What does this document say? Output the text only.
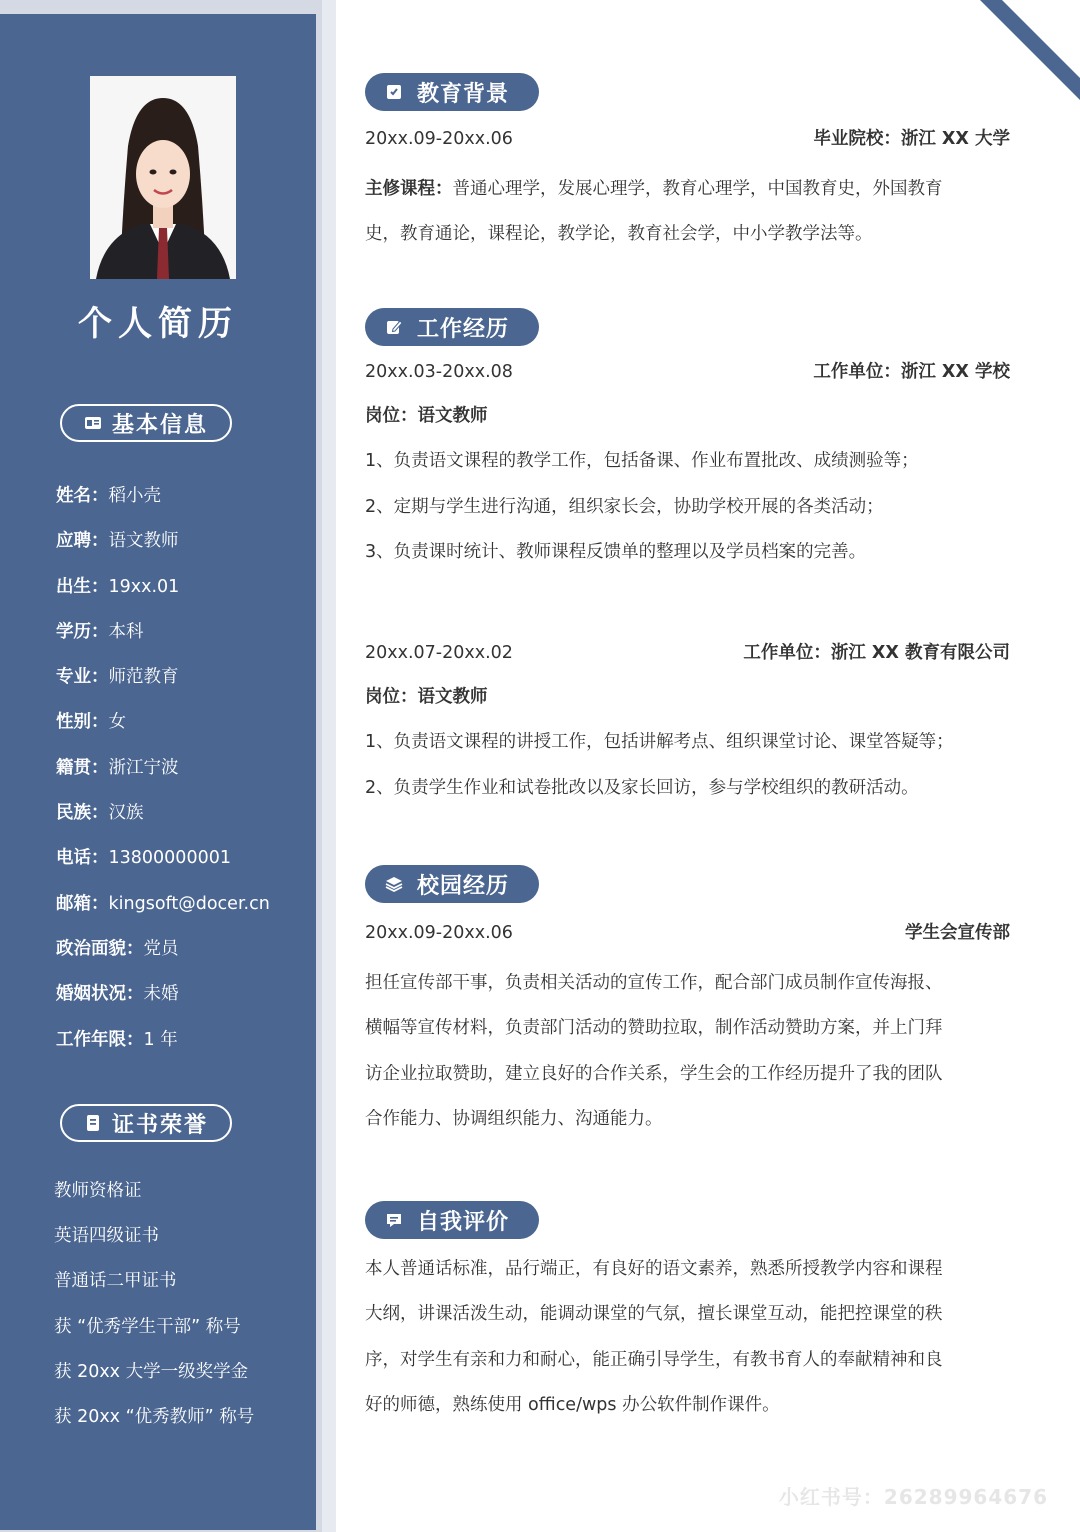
个人简历
基本信息
姓名：稻小壳
应聘：语文教师
出生：19xx.01
学历：本科
专业：师范教育
性别：女
籍贯：浙江宁波
民族：汉族
电话：13800000001
邮箱：kingsoft@docer.cn
政治面貌：党员
婚姻状况：未婚
工作年限：1 年
证书荣誉
教师资格证
英语四级证书
普通话二甲证书
获 “优秀学生干部” 称号
获 20xx 大学一级奖学金
获 20xx “优秀教师” 称号
教育背景
20xx.09-20xx.06	毕业院校：浙江 XX 大学
主修课程：普通心理学，发展心理学，教育心理学，中国教育史，外国教育
史，教育通论，课程论，教学论，教育社会学，中小学教学法等。
工作经历
20xx.03-20xx.08	工作单位：浙江 XX 学校
岗位：语文教师
1、负责语文课程的教学工作，包括备课、作业布置批改、成绩测验等；
2、定期与学生进行沟通，组织家长会，协助学校开展的各类活动；
3、负责课时统计、教师课程反馈单的整理以及学员档案的完善。
20xx.07-20xx.02	工作单位：浙江 XX 教育有限公司
岗位：语文教师
1、负责语文课程的讲授工作，包括讲解考点、组织课堂讨论、课堂答疑等；
2、负责学生作业和试卷批改以及家长回访，参与学校组织的教研活动。
校园经历
20xx.09-20xx.06	学生会宣传部
担任宣传部干事，负责相关活动的宣传工作，配合部门成员制作宣传海报、
横幅等宣传材料，负责部门活动的赞助拉取，制作活动赞助方案，并上门拜
访企业拉取赞助，建立良好的合作关系，学生会的工作经历提升了我的团队
合作能力、协调组织能力、沟通能力。
自我评价
本人普通话标准，品行端正，有良好的语文素养，熟悉所授教学内容和课程
大纲，讲课活泼生动，能调动课堂的气氛，擅长课堂互动，能把控课堂的秩
序，对学生有亲和力和耐心，能正确引导学生，有教书育人的奉献精神和良
好的师德，熟练使用 office/wps 办公软件制作课件。
小红书号：26289964676
